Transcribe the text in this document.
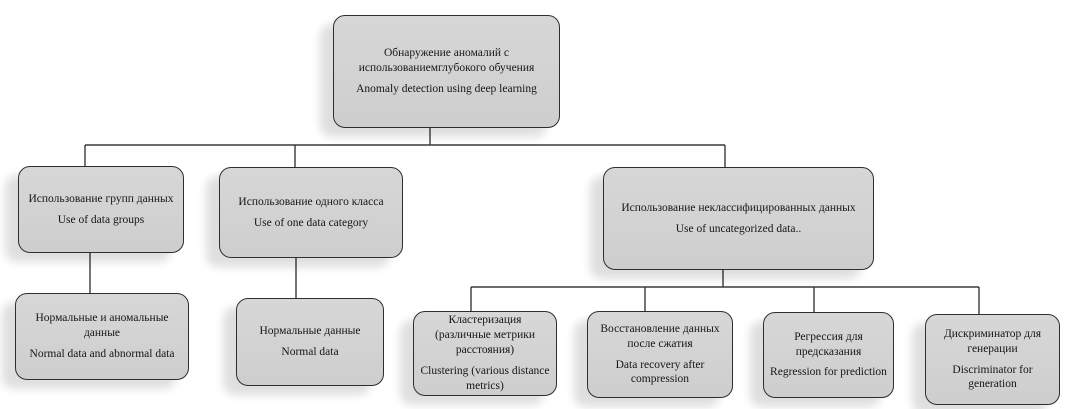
Обнаружение аномалий с использованиемглубокого обучения
Anomaly detection using deep learning
Использование групп данных
Use of data groups
Использование одного класса
Use of one data category
Использование неклассифицированных данных
Use of uncategorized data..
Нормальные и аномальные данные
Normal data and abnormal data
Нормальные данные
Normal data
Кластеризация (различные метрики расстояния)
Clustering (various distance metrics)
Восстановление данных после сжатия
Data recovery after compression
Регрессия для предсказания
Regression for prediction
Дискриминатор для генерации
Discriminator for generation
